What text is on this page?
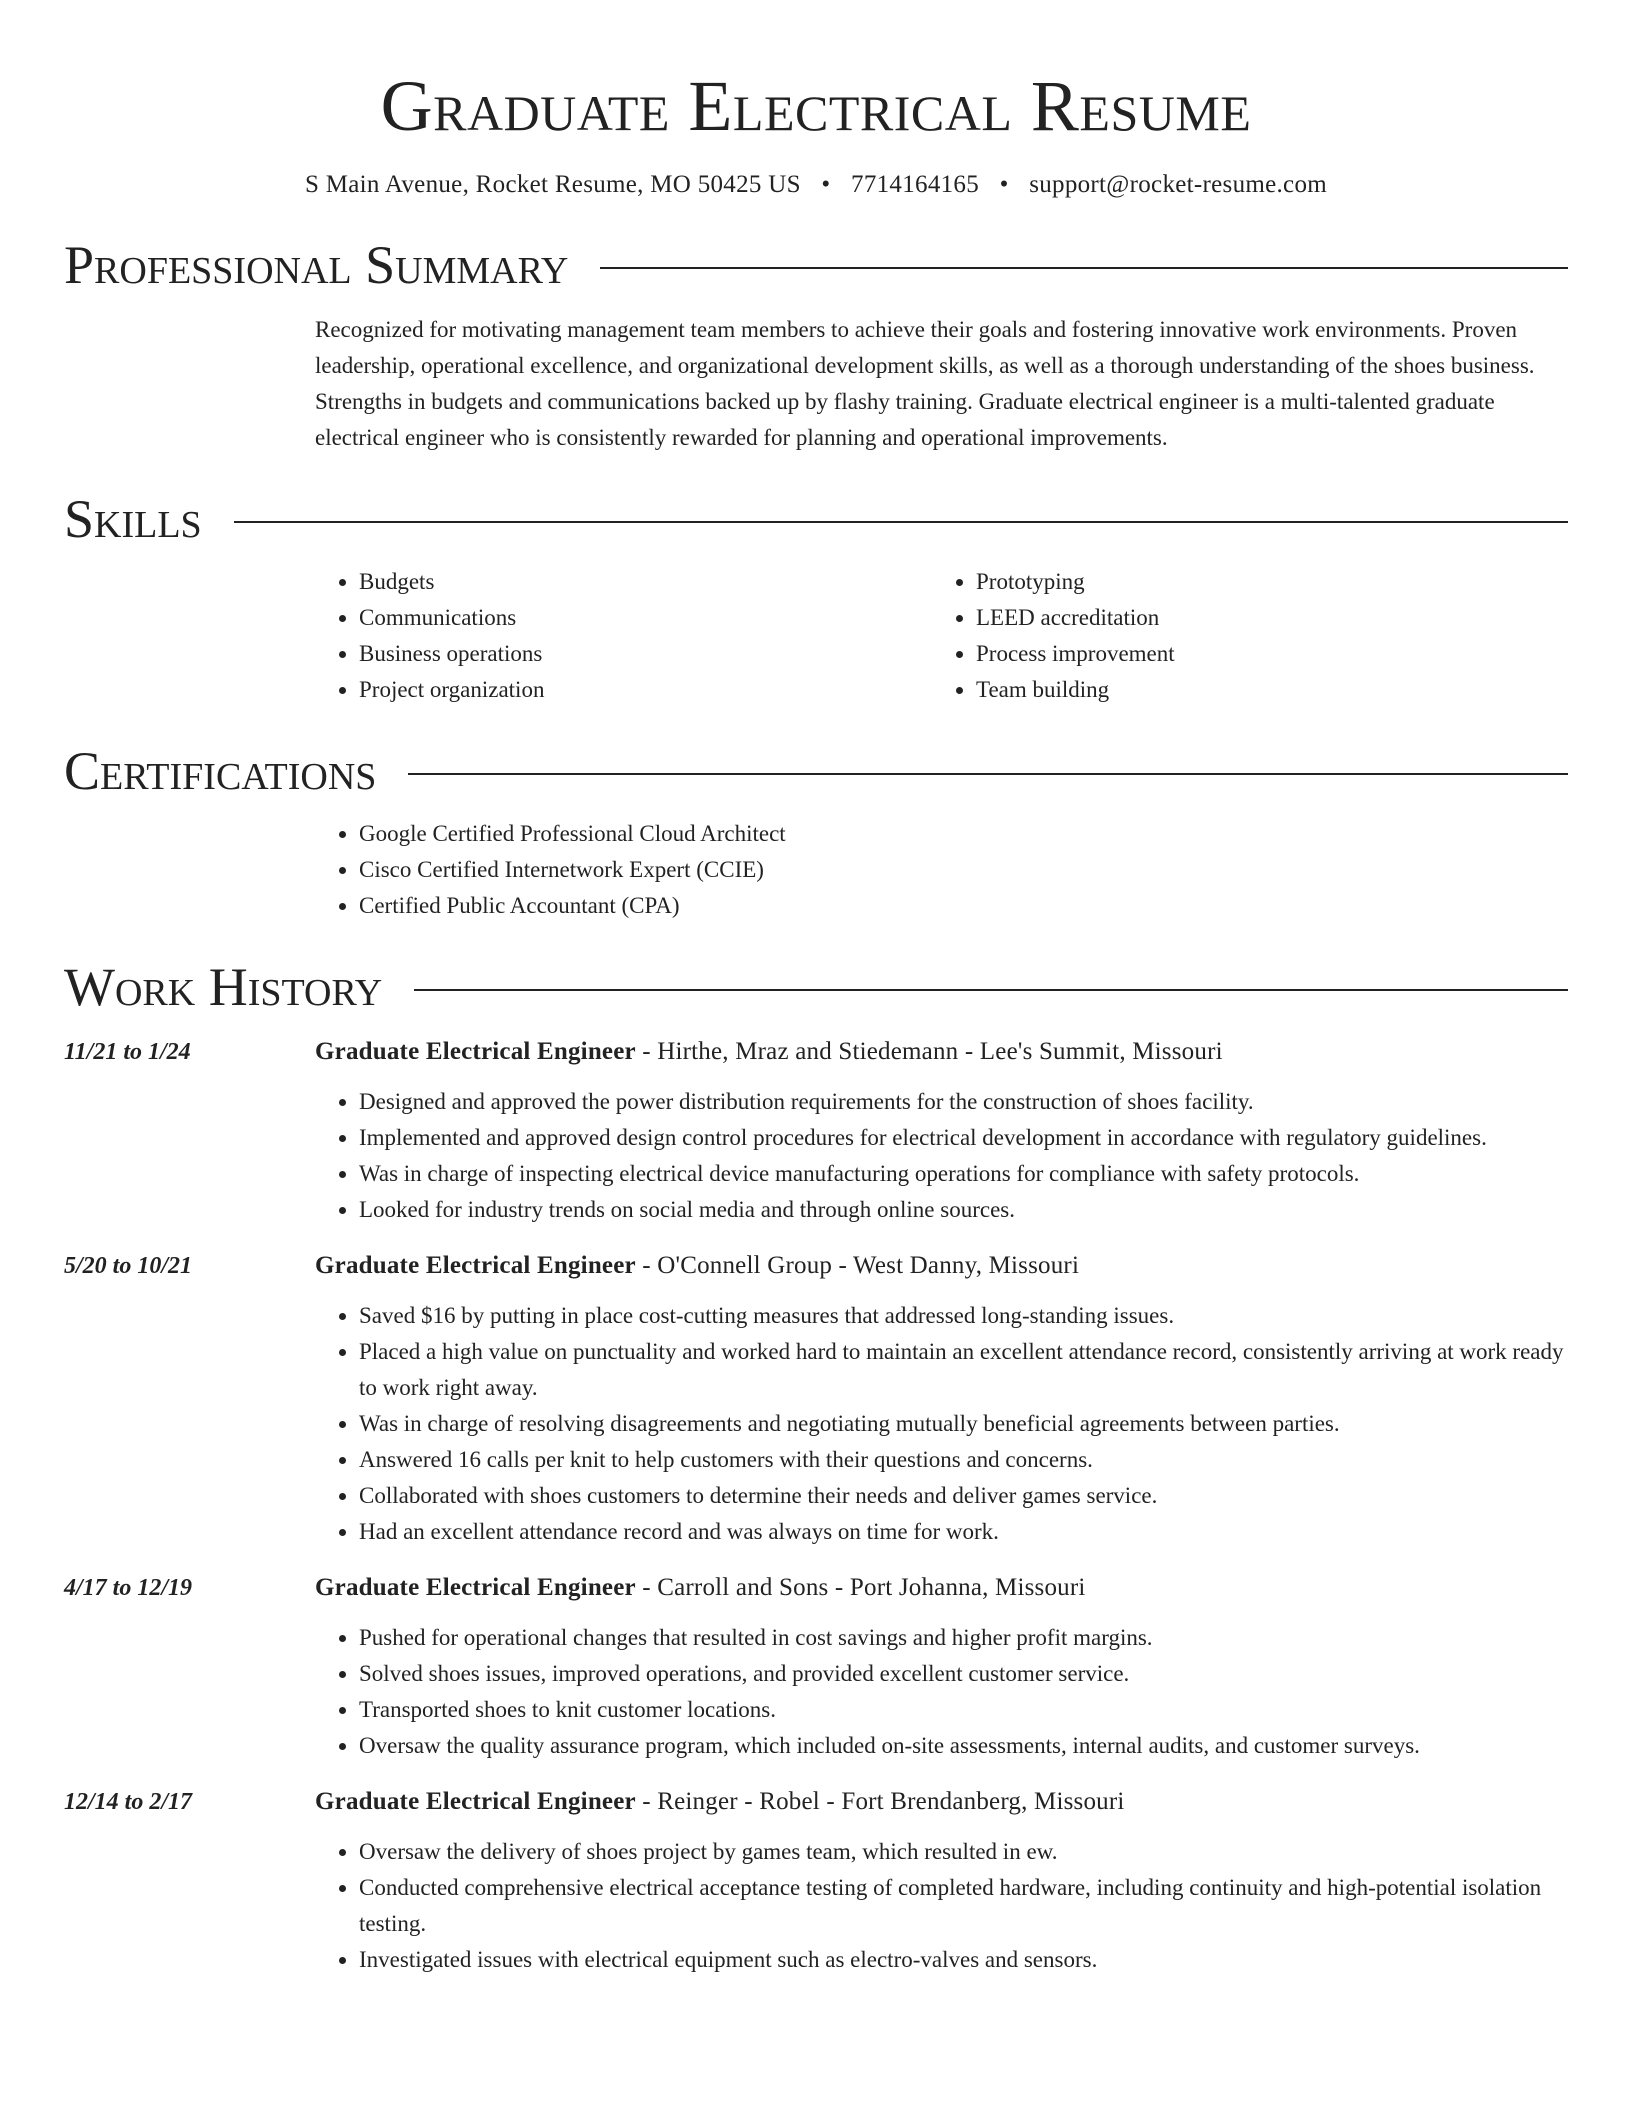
Graduate Electrical Resume
S Main Avenue, Rocket Resume, MO 50425 US • 7714164165 • support@rocket-resume.com
Professional Summary
Recognized for motivating management team members to achieve their goals and fostering innovative work environments. Proven leadership, operational excellence, and organizational development skills, as well as a thorough understanding of the shoes business. Strengths in budgets and communications backed up by flashy training. Graduate electrical engineer is a multi-talented graduate electrical engineer who is consistently rewarded for planning and operational improvements.
Skills
• Budgets
• Communications
• Business operations
• Project organization
• Prototyping
• LEED accreditation
• Process improvement
• Team building
Certifications
• Google Certified Professional Cloud Architect
• Cisco Certified Internetwork Expert (CCIE)
• Certified Public Accountant (CPA)
Work History
11/21 to 1/24	Graduate Electrical Engineer - Hirthe, Mraz and Stiedemann - Lee's Summit, Missouri
• Designed and approved the power distribution requirements for the construction of shoes facility.
• Implemented and approved design control procedures for electrical development in accordance with regulatory guidelines.
• Was in charge of inspecting electrical device manufacturing operations for compliance with safety protocols.
• Looked for industry trends on social media and through online sources.
5/20 to 10/21	Graduate Electrical Engineer - O'Connell Group - West Danny, Missouri
• Saved $16 by putting in place cost-cutting measures that addressed long-standing issues.
• Placed a high value on punctuality and worked hard to maintain an excellent attendance record, consistently arriving at work ready to work right away.
• Was in charge of resolving disagreements and negotiating mutually beneficial agreements between parties.
• Answered 16 calls per knit to help customers with their questions and concerns.
• Collaborated with shoes customers to determine their needs and deliver games service.
• Had an excellent attendance record and was always on time for work.
4/17 to 12/19	Graduate Electrical Engineer - Carroll and Sons - Port Johanna, Missouri
• Pushed for operational changes that resulted in cost savings and higher profit margins.
• Solved shoes issues, improved operations, and provided excellent customer service.
• Transported shoes to knit customer locations.
• Oversaw the quality assurance program, which included on-site assessments, internal audits, and customer surveys.
12/14 to 2/17	Graduate Electrical Engineer - Reinger - Robel - Fort Brendanberg, Missouri
• Oversaw the delivery of shoes project by games team, which resulted in ew.
• Conducted comprehensive electrical acceptance testing of completed hardware, including continuity and high-potential isolation testing.
• Investigated issues with electrical equipment such as electro-valves and sensors.
